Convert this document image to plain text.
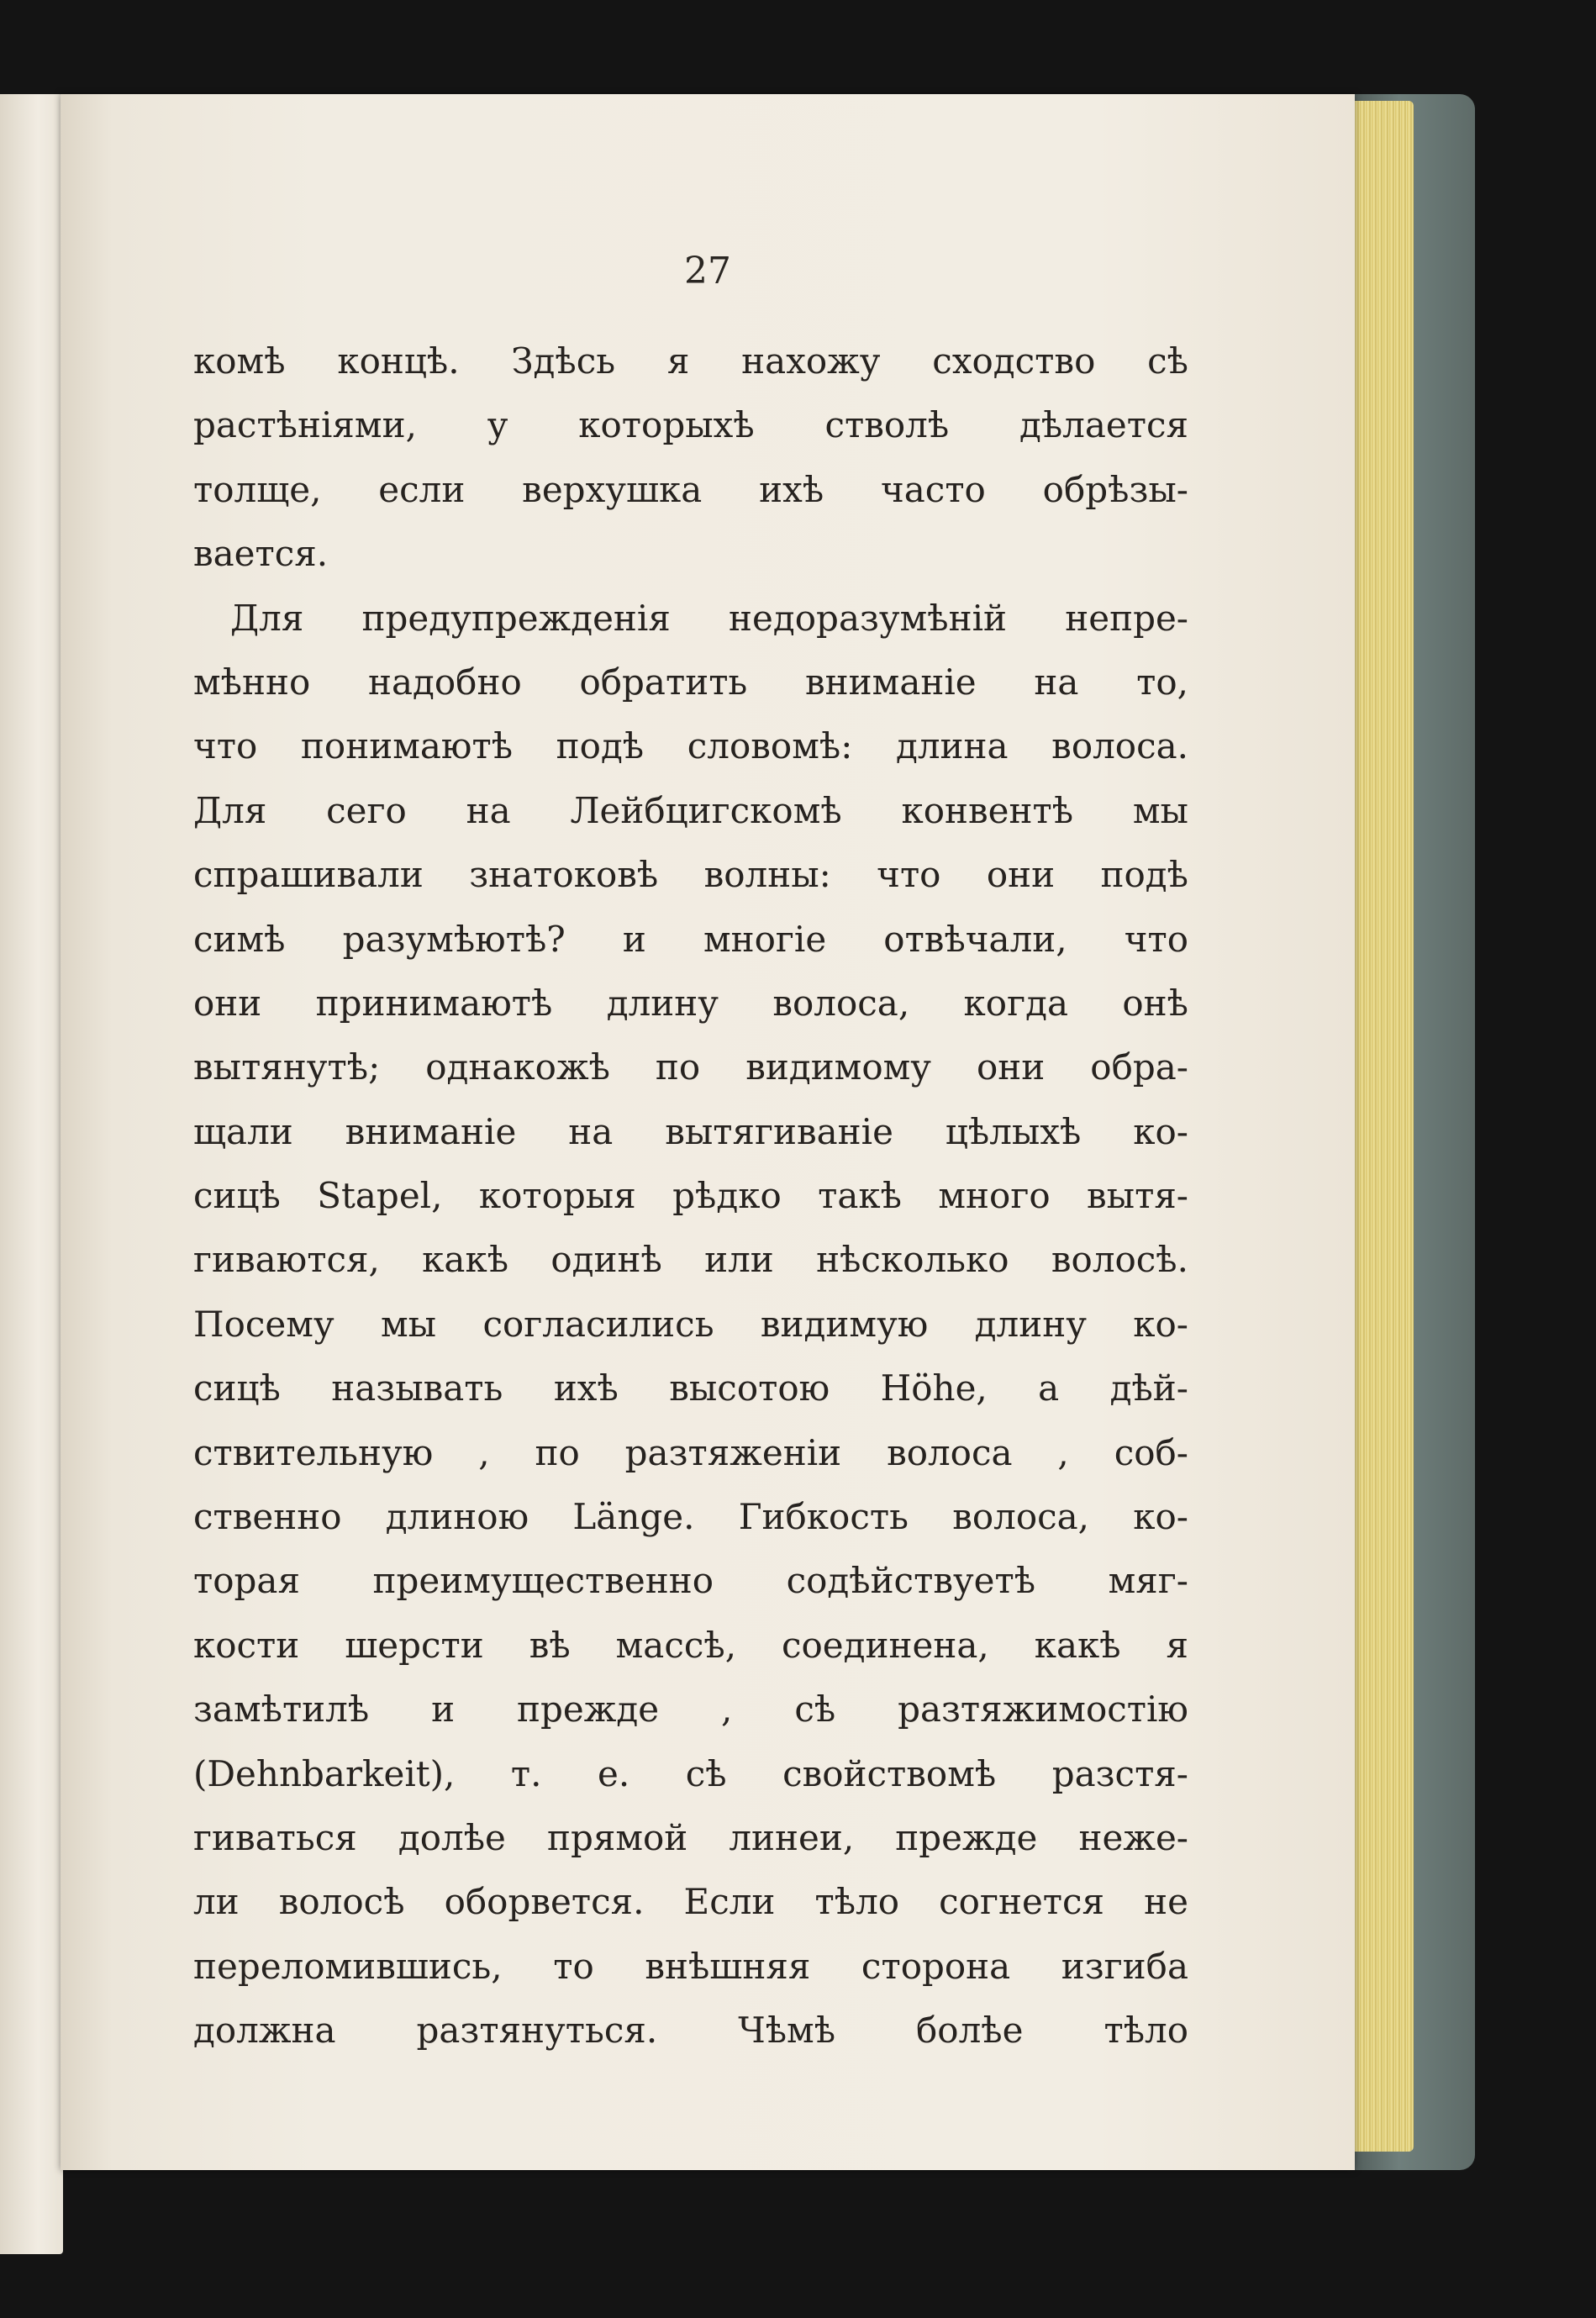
27
комѣ концѣ. Здѣсь я нахожу сходство сѣ
растѣніями, у которыхѣ стволѣ дѣлается
толще, если верхушка ихѣ часто обрѣзы-
вается.
Для предупрежденія недоразумѣній непре-
мѣнно надобно обратить вниманіе на то,
что понимаютѣ подѣ словомѣ: длина волоса.
Для сего на Лейбцигскомѣ конвентѣ мы
спрашивали знатоковѣ волны: что они подѣ
симѣ разумѣютѣ? и многіе отвѣчали, что
они принимаютѣ длину волоса, когда онѣ
вытянутѣ; однакожѣ по видимому они обра-
щали вниманіе на вытягиваніе цѣлыхѣ ко-
сицѣ Stapel, которыя рѣдко такѣ много вытя-
гиваются, какѣ одинѣ или нѣсколько волосѣ.
Посему мы согласились видимую длину ко-
сицѣ называть ихѣ высотою Höhe, а дѣй-
ствительную , по разтяженіи волоса , соб-
ственно длиною Länge. Гибкость волоса, ко-
торая преимущественно содѣйствуетѣ мяг-
кости шерсти вѣ массѣ, соединена, какѣ я
замѣтилѣ и прежде , сѣ разтяжимостію
(Dehnbarkeit), т. е. сѣ свойствомѣ разстя-
гиваться долѣе прямой линеи, прежде неже-
ли волосѣ оборвется. Если тѣло согнется не
переломившись, то внѣшняя сторона изгиба
должна разтянуться. Чѣмѣ болѣе тѣло
